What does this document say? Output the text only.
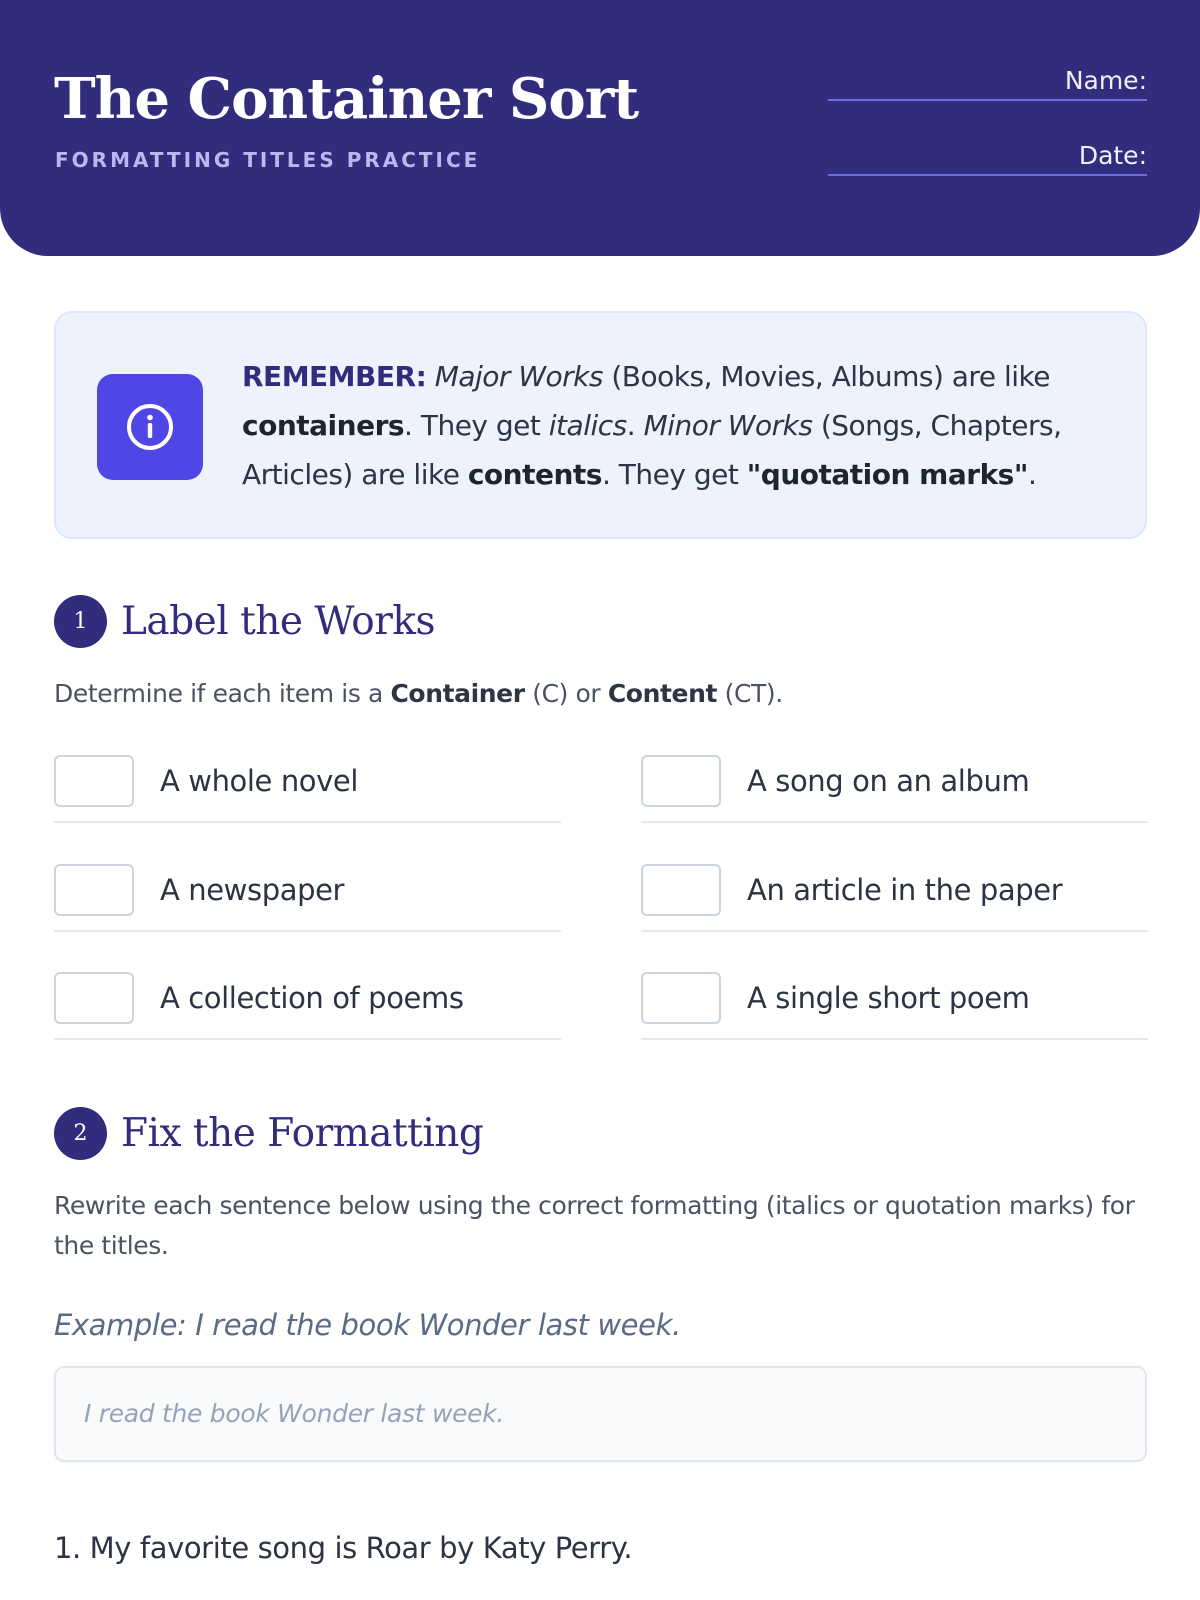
The Container Sort
FORMATTING TITLES PRACTICE
Name:
Date:
REMEMBER: Major Works (Books, Movies, Albums) are like containers. They get italics. Minor Works (Songs, Chapters, Articles) are like contents. They get "quotation marks".
1 Label the Works
Determine if each item is a Container (C) or Content (CT).
A whole novel	A song on an album
A newspaper	An article in the paper
A collection of poems	A single short poem
2 Fix the Formatting
Rewrite each sentence below using the correct formatting (italics or quotation marks) for the titles.
Example: I read the book Wonder last week.
I read the book Wonder last week.
1. My favorite song is Roar by Katy Perry.
